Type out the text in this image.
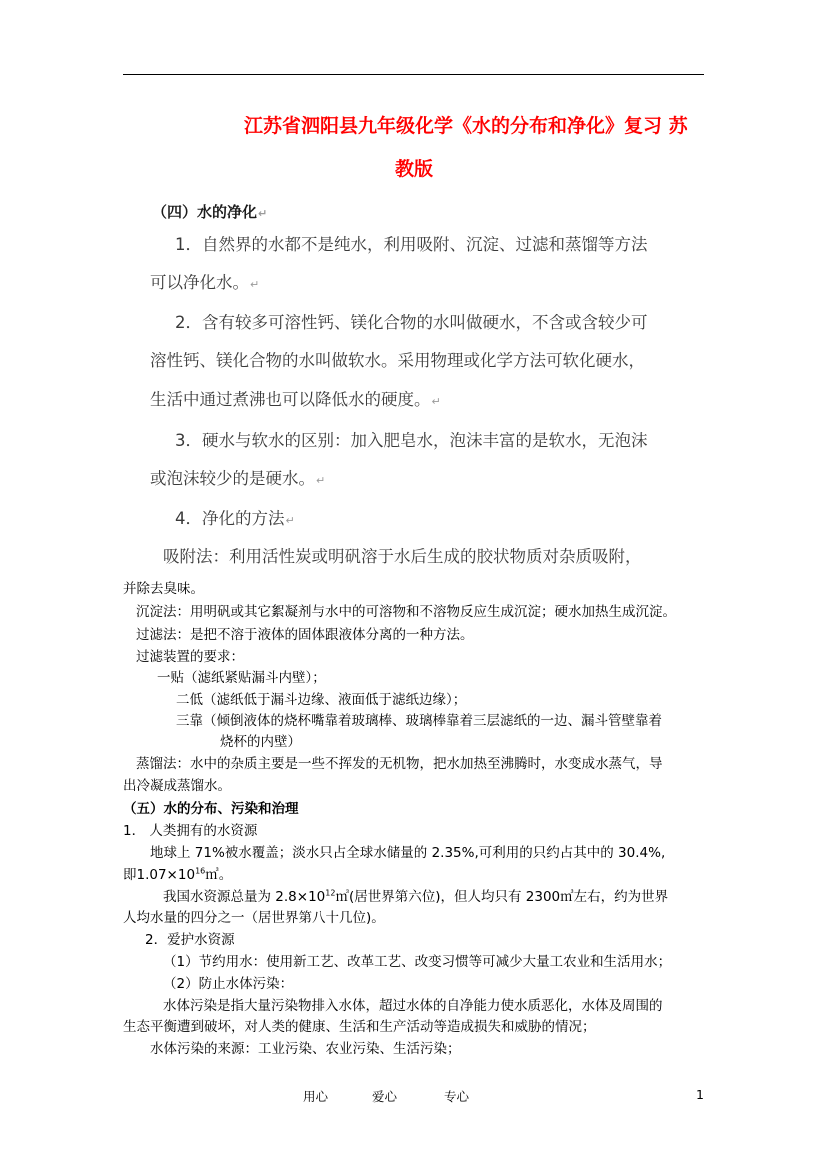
江苏省泗阳县九年级化学《水的分布和净化》复习 苏
教版
（四）水的净化↵
1．自然界的水都不是纯水，利用吸附、沉淀、过滤和蒸馏等方法
可以净化水。↵
2．含有较多可溶性钙、镁化合物的水叫做硬水，不含或含较少可
溶性钙、镁化合物的水叫做软水。采用物理或化学方法可软化硬水，
生活中通过煮沸也可以降低水的硬度。↵
3．硬水与软水的区别：加入肥皂水，泡沫丰富的是软水，无泡沫
或泡沫较少的是硬水。↵
4．净化的方法↵
吸附法：利用活性炭或明矾溶于水后生成的胶状物质对杂质吸附，
并除去臭味。
沉淀法：用明矾或其它絮凝剂与水中的可溶物和不溶物反应生成沉淀；硬水加热生成沉淀。
过滤法：是把不溶于液体的固体跟液体分离的一种方法。
过滤装置的要求：
一贴（滤纸紧贴漏斗内壁）；
二低（滤纸低于漏斗边缘、液面低于滤纸边缘）；
三靠（倾倒液体的烧杯嘴靠着玻璃棒、玻璃棒靠着三层滤纸的一边、漏斗管壁靠着
烧杯的内壁）
蒸馏法：水中的杂质主要是一些不挥发的无机物，把水加热至沸腾时，水变成水蒸气，导
出冷凝成蒸馏水。
（五）水的分布、污染和治理
1． 人类拥有的水资源
地球上 71%被水覆盖；淡水只占全球水储量的 2.35%,可利用的只约占其中的 30.4%,
即$1.07\times 10^{16}㎥$。
我国水资源总量为 $2.8\times 10^{12}㎥$(居世界第六位)，但人均只有 2300㎥左右，约为世界
人均水量的四分之一（居世界第八十几位)。
2．爱护水资源
（1）节约用水：使用新工艺、改革工艺、改变习惯等可减少大量工农业和生活用水；
（2）防止水体污染：
水体污染是指大量污染物排入水体，超过水体的自净能力使水质恶化，水体及周围的
生态平衡遭到破坏，对人类的健康、生活和生产活动等造成损失和威胁的情况；
水体污染的来源：工业污染、农业污染、生活污染；
用心	爱心	专心	1
